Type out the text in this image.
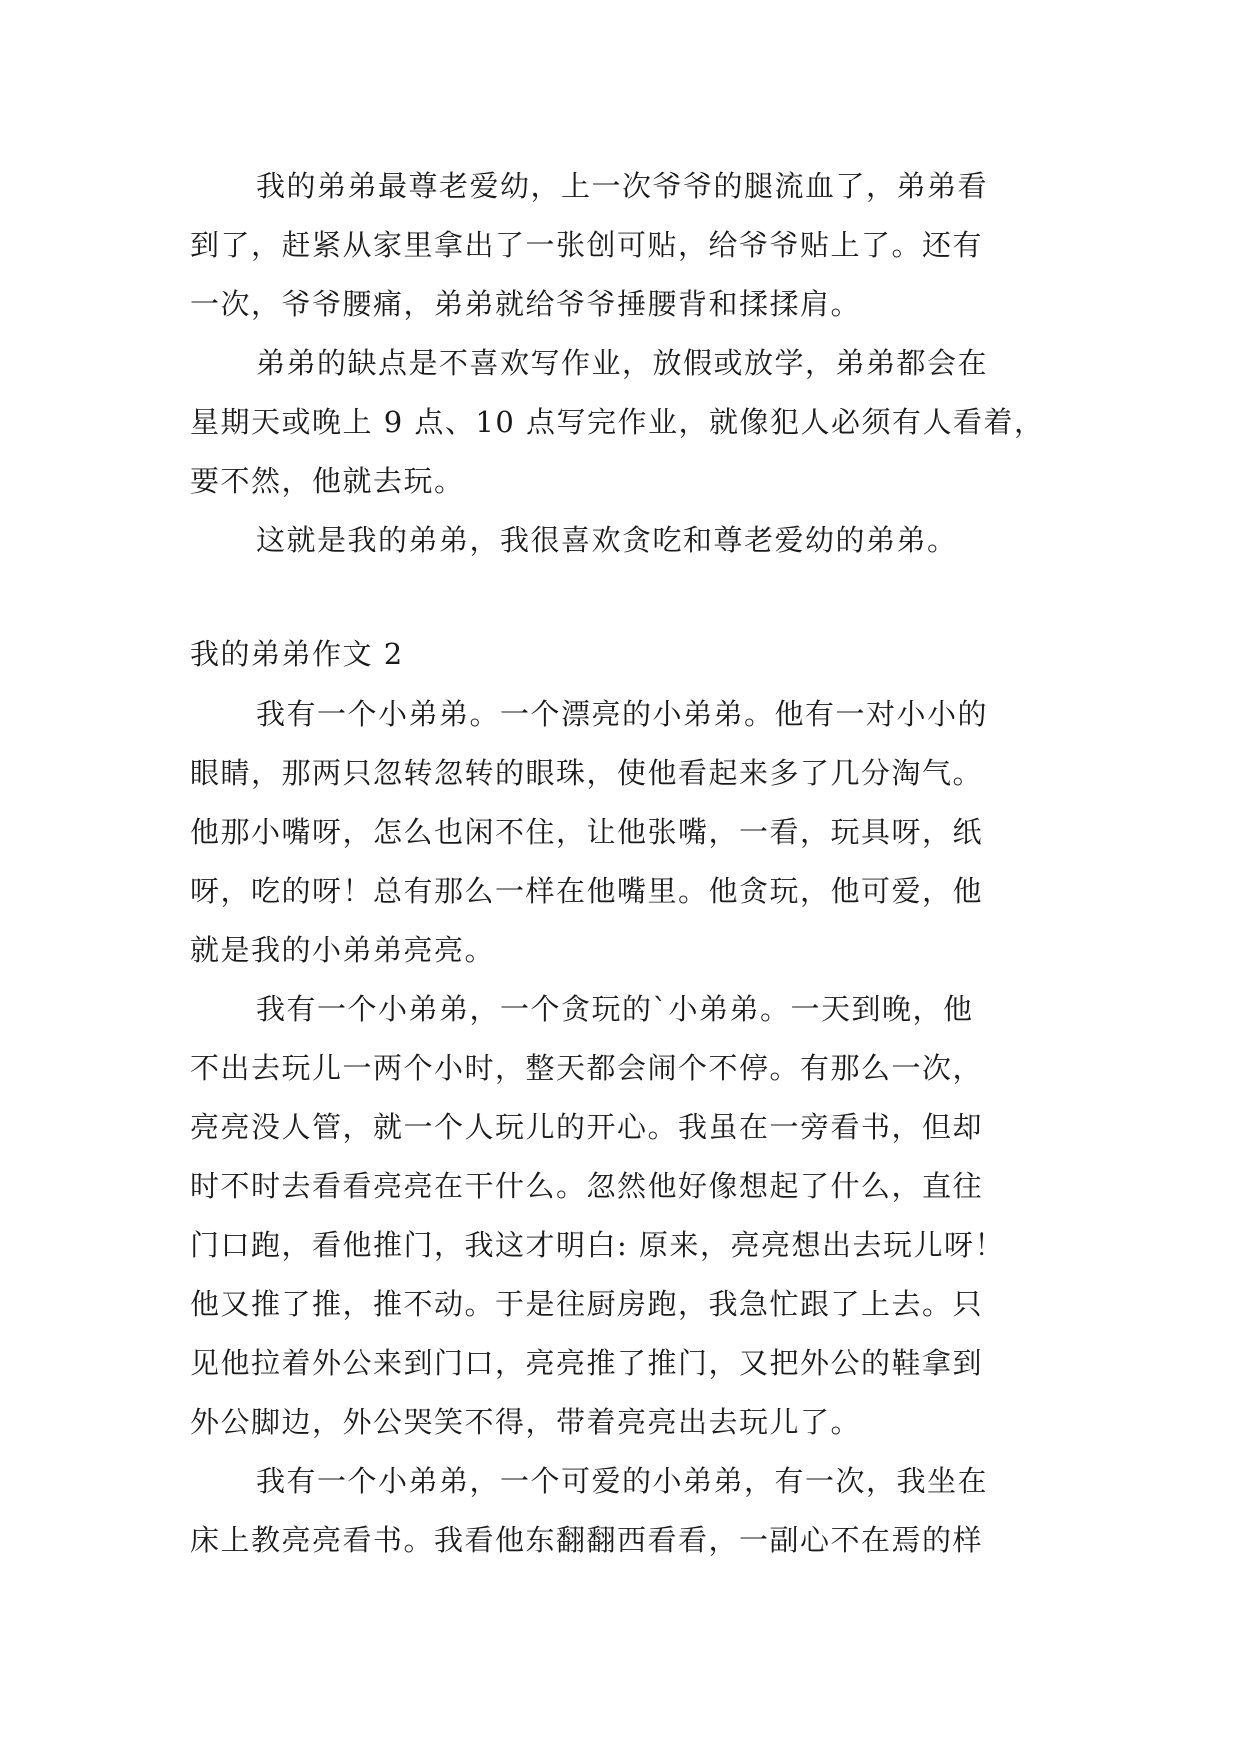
我的弟弟最尊老爱幼，上一次爷爷的腿流血了，弟弟看
到了，赶紧从家里拿出了一张创可贴，给爷爷贴上了。还有
一次，爷爷腰痛，弟弟就给爷爷捶腰背和揉揉肩。
弟弟的缺点是不喜欢写作业，放假或放学，弟弟都会在
星期天或晚上 9 点、10 点写完作业，就像犯人必须有人看着，
要不然，他就去玩。
这就是我的弟弟，我很喜欢贪吃和尊老爱幼的弟弟。
我的弟弟作文 2
我有一个小弟弟。一个漂亮的小弟弟。他有一对小小的
眼睛，那两只忽转忽转的眼珠，使他看起来多了几分淘气。
他那小嘴呀，怎么也闲不住，让他张嘴，一看，玩具呀，纸
呀，吃的呀！总有那么一样在他嘴里。他贪玩，他可爱，他
就是我的小弟弟亮亮。
我有一个小弟弟，一个贪玩的`小弟弟。一天到晚，他
不出去玩儿一两个小时，整天都会闹个不停。有那么一次，
亮亮没人管，就一个人玩儿的开心。我虽在一旁看书，但却
时不时去看看亮亮在干什么。忽然他好像想起了什么，直往
门口跑，看他推门，我这才明白: 原来，亮亮想出去玩儿呀！
他又推了推，推不动。于是往厨房跑，我急忙跟了上去。只
见他拉着外公来到门口，亮亮推了推门，又把外公的鞋拿到
外公脚边，外公哭笑不得，带着亮亮出去玩儿了。
我有一个小弟弟，一个可爱的小弟弟，有一次，我坐在
床上教亮亮看书。我看他东翻翻西看看，一副心不在焉的样
